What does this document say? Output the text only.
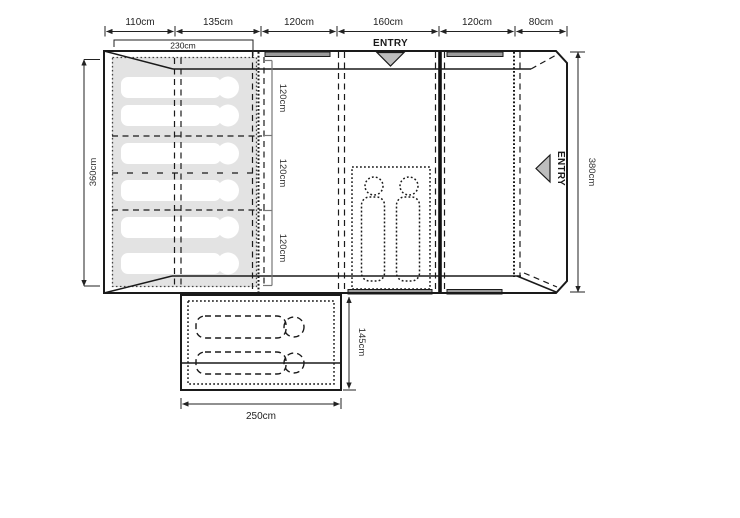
ENTRY
ENTRY
110cm	135cm	120cm	160cm	120cm	80cm
230cm
360cm	380cm
120cm
120cm
120cm
145cm
250cm
